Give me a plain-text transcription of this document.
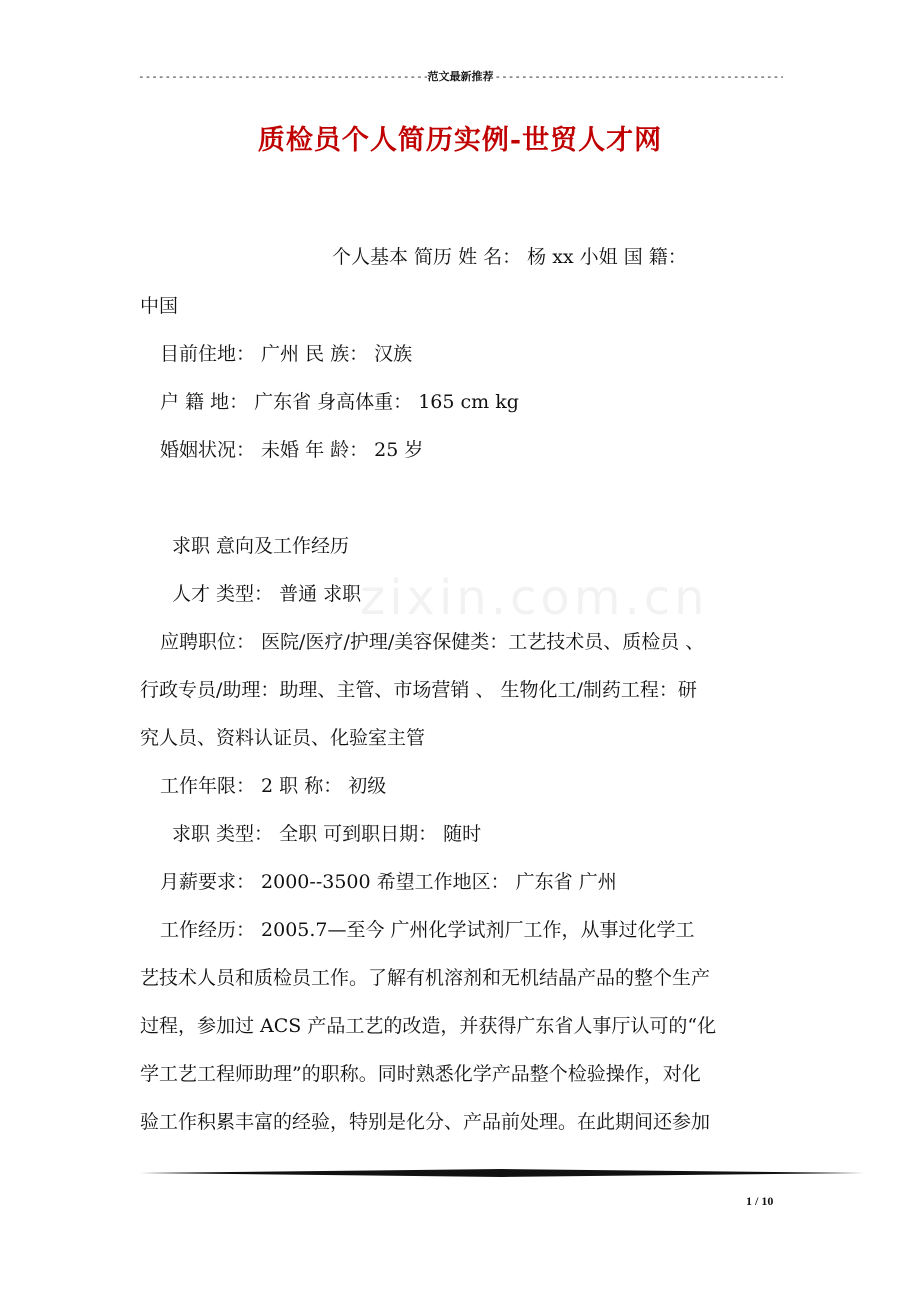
-----
范文最新推荐
-----
质检员个人简历实例-世贸人才网
zixin.com.cn
个人基本 简历 姓 名： 杨 xx 小姐 国 籍：
中国
目前住地： 广州 民 族： 汉族
户 籍 地： 广东省 身高体重： 165 cm kg
婚姻状况： 未婚 年 龄： 25 岁
求职 意向及工作经历
人才 类型： 普通 求职
应聘职位： 医院/医疗/护理/美容保健类：工艺技术员、质检员 、
行政专员/助理：助理、主管、市场营销 、 生物化工/制药工程：研
究人员、资料认证员、化验室主管
工作年限： 2 职 称： 初级
求职 类型： 全职 可到职日期： 随时
月薪要求： 2000--3500 希望工作地区： 广东省 广州
工作经历： 2005.7—至今 广州化学试剂厂工作，从事过化学工
艺技术人员和质检员工作。了解有机溶剂和无机结晶产品的整个生产
过程，参加过 ACS 产品工艺的改造，并获得广东省人事厅认可的“化
学工艺工程师助理”的职称。同时熟悉化学产品整个检验操作，对化
验工作积累丰富的经验，特别是化分、产品前处理。在此期间还参加
1 / 10
